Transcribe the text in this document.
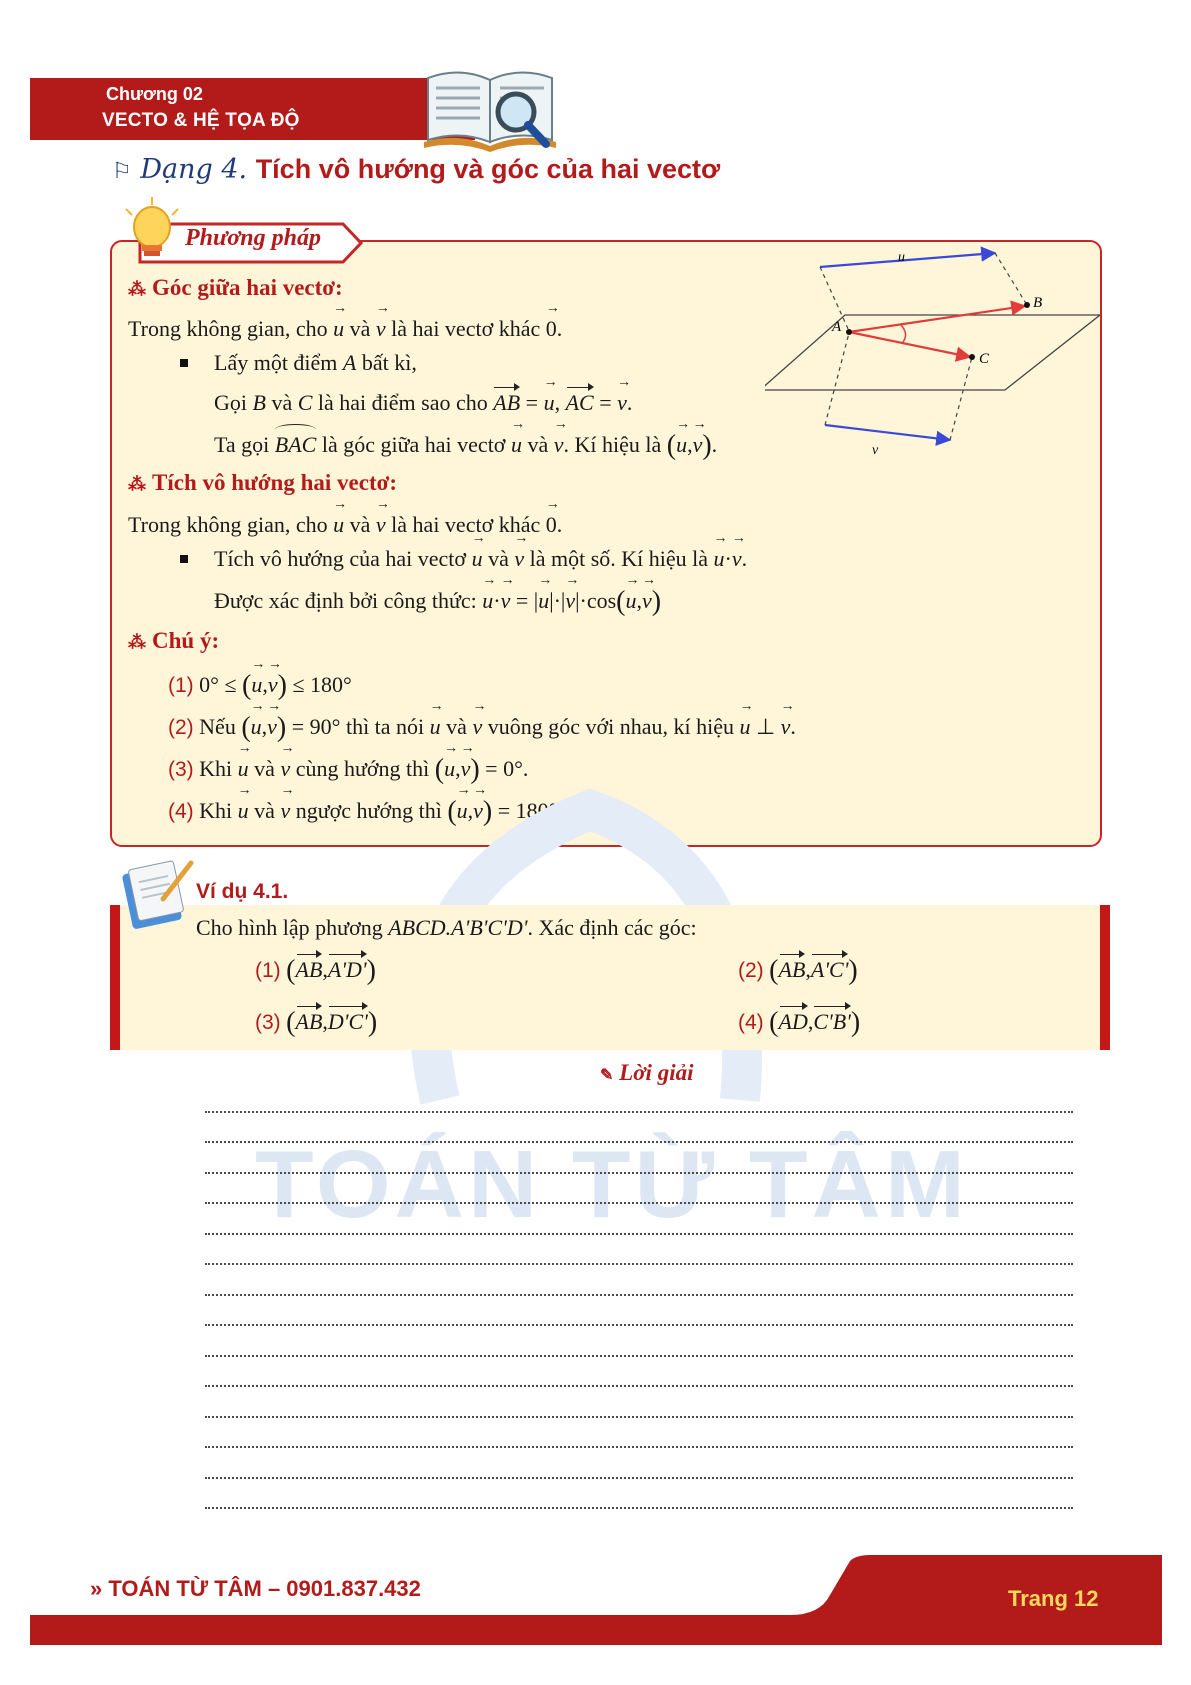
Chương 02
VECTO & HỆ TỌA ĐỘ
⚐ Dạng 4. Tích vô hướng và góc của hai vectơ
Phương pháp
⁂ Góc giữa hai vectơ:
Trong không gian, cho → u và → v là hai vectơ khác → 0.
Lấy một điểm A bất kì,
Gọi B và C là hai điểm sao cho AB = → u, AC = → v.
Ta gọi BAC là góc giữa hai vectơ → u và → v. Kí hiệu là (→ u,→ v).
A
B
C
u
v
⁂ Tích vô hướng hai vectơ:
Trong không gian, cho → u và → v là hai vectơ khác → 0.
Tích vô hướng của hai vectơ → u và → v là một số. Kí hiệu là → u·→ v.
Được xác định bởi công thức: → u·→ v = |→ u|·|→ v|·cos(→ u,→ v)
⁂ Chú ý:
(1) 0° ≤ (→ u,→ v) ≤ 180°
(2) Nếu (→ u,→ v) = 90° thì ta nói → u và → v vuông góc với nhau, kí hiệu → u ⊥ → v.
(3) Khi → u và → v cùng hướng thì (→ u,→ v) = 0°.
(4) Khi → u và → v ngược hướng thì (→ u,→ v) = 180°.
TOÁN TỪ TÂM
Ví dụ 4.1.
Cho hình lập phương ABCD.A'B'C'D'. Xác định các góc:
(1) (AB,A'D')	(2) (AB,A'C')
(3) (AB,D'C')	(4) (AD,C'B')
✎ Lời giải
» TOÁN TỪ TÂM – 0901.837.432	Trang 12
